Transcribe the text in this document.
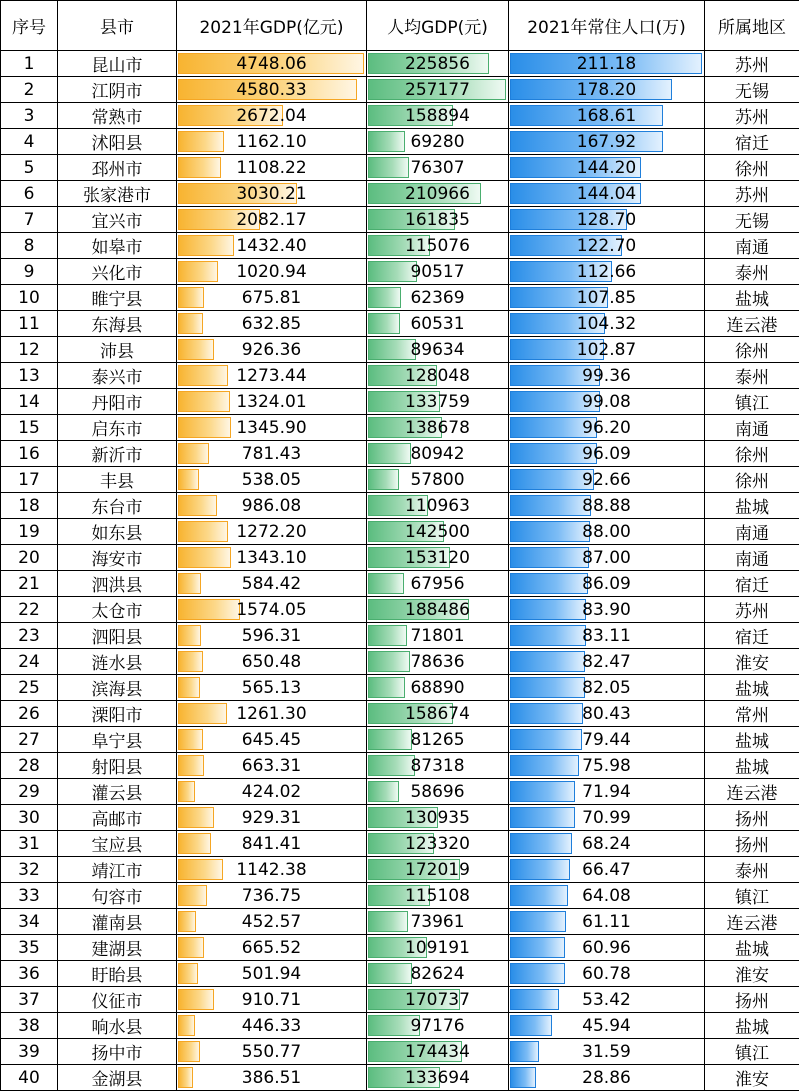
序号	县市	2021年GDP(亿元)	人均GDP(元)	2021年常住人口(万)	所属地区
1	昆山市	4748.06	225856	211.18	苏州
2	江阴市	4580.33	257177	178.20	无锡
3	常熟市	2672.04	158894	168.61	苏州
4	沭阳县	1162.10	69280	167.92	宿迁
5	邳州市	1108.22	76307	144.20	徐州
6	张家港市	3030.21	210966	144.04	苏州
7	宜兴市	2082.17	161835	128.70	无锡
8	如皋市	1432.40	115076	122.70	南通
9	兴化市	1020.94	90517	112.66	泰州
10	睢宁县	675.81	62369	107.85	盐城
11	东海县	632.85	60531	104.32	连云港
12	沛县	926.36	89634	102.87	徐州
13	泰兴市	1273.44	128048	99.36	泰州
14	丹阳市	1324.01	133759	99.08	镇江
15	启东市	1345.90	138678	96.20	南通
16	新沂市	781.43	80942	96.09	徐州
17	丰县	538.05	57800	92.66	徐州
18	东台市	986.08	110963	88.88	盐城
19	如东县	1272.20	142500	88.00	南通
20	海安市	1343.10	153120	87.00	南通
21	泗洪县	584.42	67956	86.09	宿迁
22	太仓市	1574.05	188486	83.90	苏州
23	泗阳县	596.31	71801	83.11	宿迁
24	涟水县	650.48	78636	82.47	淮安
25	滨海县	565.13	68890	82.05	盐城
26	溧阳市	1261.30	158674	80.43	常州
27	阜宁县	645.45	81265	79.44	盐城
28	射阳县	663.31	87318	75.98	盐城
29	灌云县	424.02	58696	71.94	连云港
30	高邮市	929.31	130935	70.99	扬州
31	宝应县	841.41	123320	68.24	扬州
32	靖江市	1142.38	172019	66.47	泰州
33	句容市	736.75	115108	64.08	镇江
34	灌南县	452.57	73961	61.11	连云港
35	建湖县	665.52	109191	60.96	盐城
36	盱眙县	501.94	82624	60.78	淮安
37	仪征市	910.71	170737	53.42	扬州
38	响水县	446.33	97176	45.94	盐城
39	扬中市	550.77	174434	31.59	镇江
40	金湖县	386.51	133694	28.86	淮安
